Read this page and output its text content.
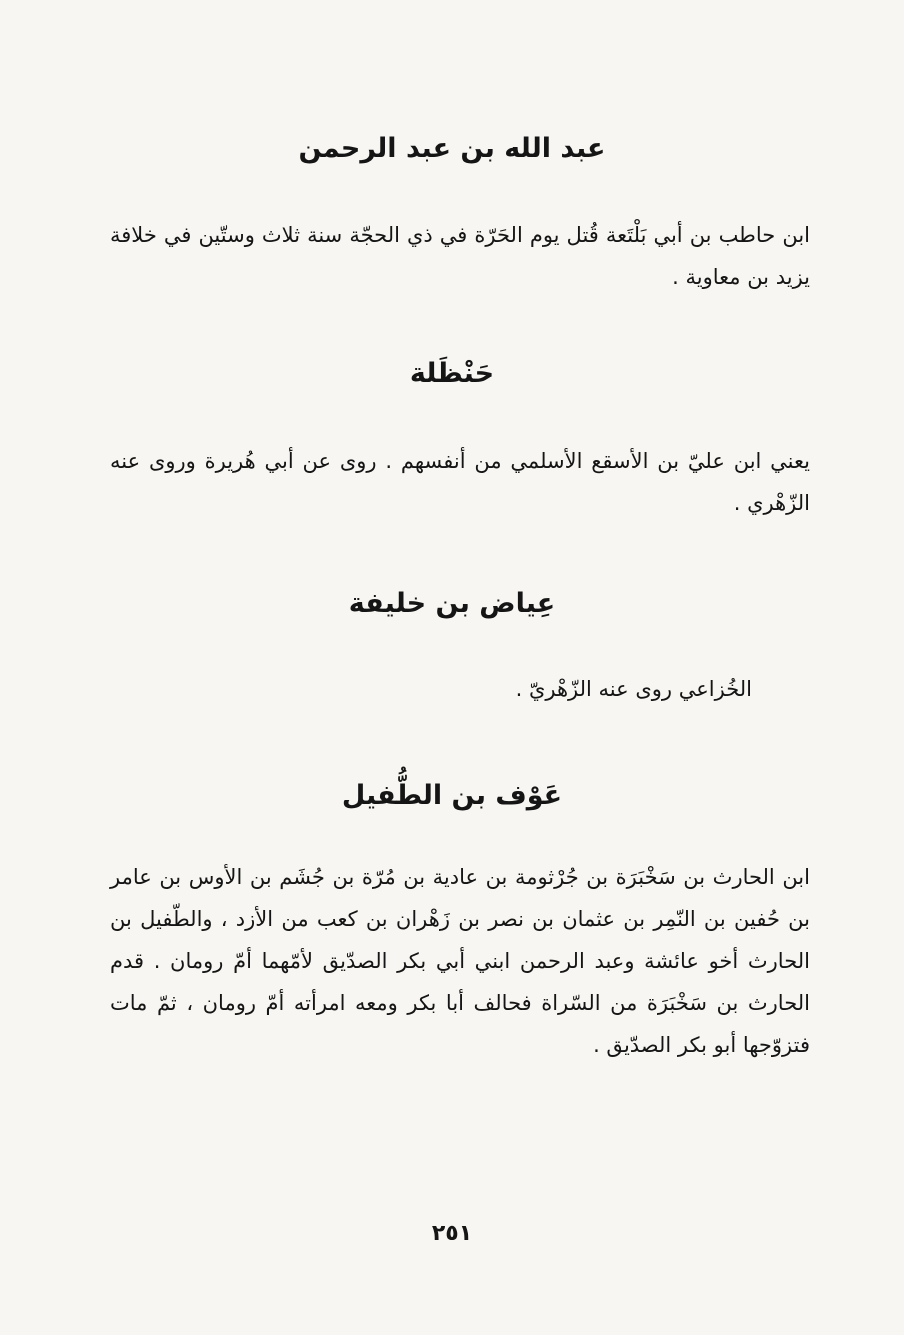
عبد الله بن عبد الرحمن
ابن حاطب بن أبي بَلْتَعة قُتل يوم الحَرّة في ذي الحجّة سنة ثلاث وستّين في خلافة يزيد بن معاوية .
حَنْظَلة
يعني ابن عليّ بن الأسقع الأسلمي من أنفسهم . روى عن أبي هُريرة وروى عنه الزّهْري .
عِياض بن خليفة
الخُزاعي روى عنه الزّهْريّ .
عَوْف بن الطُّفيل
ابن الحارث بن سَخْبَرَة بن جُرْثومة بن عادية بن مُرّة بن جُشَم بن الأوس بن عامر بن حُفين بن النّمِر بن عثمان بن نصر بن زَهْران بن كعب من الأزد ، والطّفيل بن الحارث أخو عائشة وعبد الرحمن ابني أبي بكر الصدّيق لأمّهما أمّ رومان . قدم الحارث بن سَخْبَرَة من السّراة فحالف أبا بكر ومعه امرأته أمّ رومان ، ثمّ مات فتزوّجها أبو بكر الصدّيق .
٢٥١
